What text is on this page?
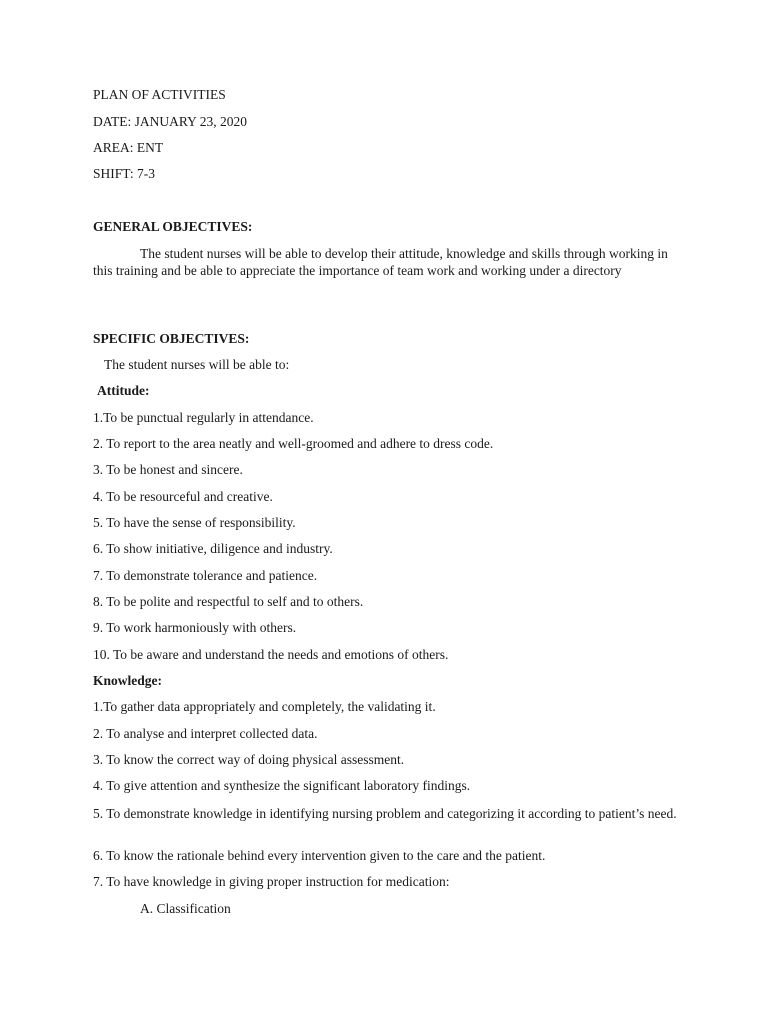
PLAN OF ACTIVITIES
DATE: JANUARY 23, 2020
AREA: ENT
SHIFT: 7-3
GENERAL OBJECTIVES:
The student nurses will be able to develop their attitude, knowledge and skills through working in this training and be able to appreciate the importance of team work and working under a directory
SPECIFIC OBJECTIVES:
The student nurses will be able to:
Attitude:
1.To be punctual regularly in attendance.
2. To report to the area neatly and well-groomed and adhere to dress code.
3. To be honest and sincere.
4. To be resourceful and creative.
5. To have the sense of responsibility.
6. To show initiative, diligence and industry.
7. To demonstrate tolerance and patience.
8. To be polite and respectful to self and to others.
9. To work harmoniously with others.
10. To be aware and understand the needs and emotions of others.
Knowledge:
1.To gather data appropriately and completely, the validating it.
2. To analyse and interpret collected data.
3. To know the correct way of doing physical assessment.
4. To give attention and synthesize the significant laboratory findings.
5. To demonstrate knowledge in identifying nursing problem and categorizing it according to patient’s need.
6. To know the rationale behind every intervention given to the care and the patient.
7. To have knowledge in giving proper instruction for medication:
A. Classification
